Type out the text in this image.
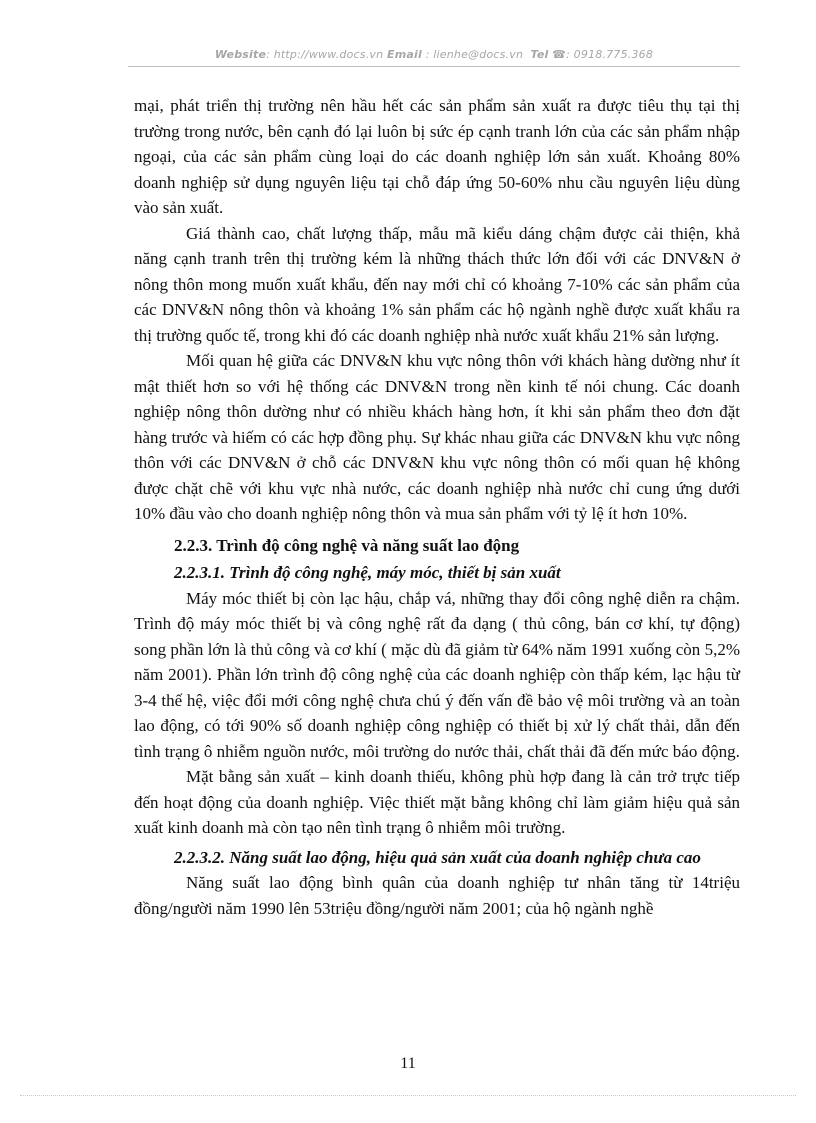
Website: http://www.docs.vn Email : lienhe@docs.vn Tel ☎: 0918.775.368

mại, phát triển thị trường nên hầu hết các sản phẩm sản xuất ra được tiêu thụ tại thị trường trong nước, bên cạnh đó lại luôn bị sức ép cạnh tranh lớn của các sản phẩm nhập ngoại, của các sản phẩm cùng loại do các doanh nghiệp lớn sản xuất. Khoảng 80% doanh nghiệp sử dụng nguyên liệu tại chỗ đáp ứng 50-60% nhu cầu nguyên liệu dùng vào sản xuất.

Giá thành cao, chất lượng thấp, mẫu mã kiểu dáng chậm được cải thiện, khả năng cạnh tranh trên thị trường kém là những thách thức lớn đối với các DNV&N ở nông thôn mong muốn xuất khẩu, đến nay mới chỉ có khoảng 7-10% các sản phẩm của các DNV&N nông thôn và khoảng 1% sản phẩm các hộ ngành nghề được xuất khẩu ra thị trường quốc tế, trong khi đó các doanh nghiệp nhà nước xuất khẩu 21% sản lượng.

Mối quan hệ giữa các DNV&N khu vực nông thôn với khách hàng dường như ít mật thiết hơn so với hệ thống các DNV&N trong nền kinh tế nói chung. Các doanh nghiệp nông thôn dường như có nhiều khách hàng hơn, ít khi sản phẩm theo đơn đặt hàng trước và hiếm có các hợp đồng phụ. Sự khác nhau giữa các DNV&N khu vực nông thôn với các DNV&N ở chỗ các DNV&N khu vực nông thôn có mối quan hệ không được chặt chẽ với khu vực nhà nước, các doanh nghiệp nhà nước chỉ cung ứng dưới 10% đầu vào cho doanh nghiệp nông thôn và mua sản phẩm với tỷ lệ ít hơn 10%.

2.2.3. Trình độ công nghệ và năng suất lao động

2.2.3.1. Trình độ công nghệ, máy móc, thiết bị sản xuất

Máy móc thiết bị còn lạc hậu, chắp vá, những thay đổi công nghệ diễn ra chậm. Trình độ máy móc thiết bị và công nghệ rất đa dạng ( thủ công, bán cơ khí, tự động) song phần lớn là thủ công và cơ khí ( mặc dù đã giảm từ 64% năm 1991 xuống còn 5,2% năm 2001). Phần lớn trình độ công nghệ của các doanh nghiệp còn thấp kém, lạc hậu từ 3-4 thế hệ, việc đổi mới công nghệ chưa chú ý đến vấn đề bảo vệ môi trường và an toàn lao động, có tới 90% số doanh nghiệp công nghiệp có thiết bị xử lý chất thải, dẫn đến tình trạng ô nhiễm nguồn nước, môi trường do nước thải, chất thải đã đến mức báo động.

Mặt bằng sản xuất – kinh doanh thiếu, không phù hợp đang là cản trở trực tiếp đến hoạt động của doanh nghiệp. Việc thiết mặt bằng không chỉ làm giảm hiệu quả sản xuất kinh doanh mà còn tạo nên tình trạng ô nhiễm môi trường.

2.2.3.2. Năng suất lao động, hiệu quả sản xuất của doanh nghiệp chưa cao

Năng suất lao động bình quân của doanh nghiệp tư nhân tăng từ 14triệu đồng/người năm 1990 lên 53triệu đồng/người năm 2001; của hộ ngành nghề

11
